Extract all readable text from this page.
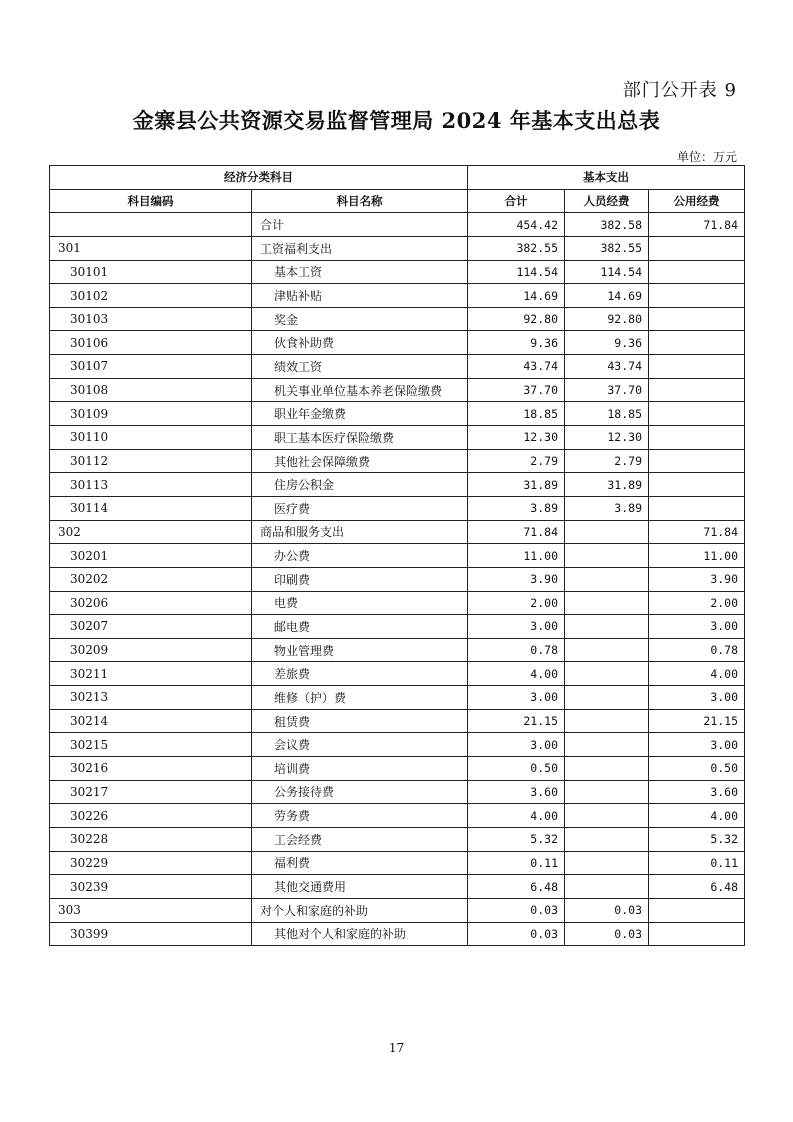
部门公开表 9
金寨县公共资源交易监督管理局 2024 年基本支出总表
单位：万元
经济分类科目		基本支出		
科目编码	科目名称	合计	人员经费	公用经费
	合计	454.42	382.58	71.84
301	工资福利支出	382.55	382.55	
30101	基本工资	114.54	114.54	
30102	津贴补贴	14.69	14.69	
30103	奖金	92.80	92.80	
30106	伙食补助费	9.36	9.36	
30107	绩效工资	43.74	43.74	
30108	机关事业单位基本养老保险缴费	37.70	37.70	
30109	职业年金缴费	18.85	18.85	
30110	职工基本医疗保险缴费	12.30	12.30	
30112	其他社会保障缴费	2.79	2.79	
30113	住房公积金	31.89	31.89	
30114	医疗费	3.89	3.89	
302	商品和服务支出	71.84		71.84
30201	办公费	11.00		11.00
30202	印刷费	3.90		3.90
30206	电费	2.00		2.00
30207	邮电费	3.00		3.00
30209	物业管理费	0.78		0.78
30211	差旅费	4.00		4.00
30213	维修（护）费	3.00		3.00
30214	租赁费	21.15		21.15
30215	会议费	3.00		3.00
30216	培训费	0.50		0.50
30217	公务接待费	3.60		3.60
30226	劳务费	4.00		4.00
30228	工会经费	5.32		5.32
30229	福利费	0.11		0.11
30239	其他交通费用	6.48		6.48
303	对个人和家庭的补助	0.03	0.03	
30399	其他对个人和家庭的补助	0.03	0.03	
17
